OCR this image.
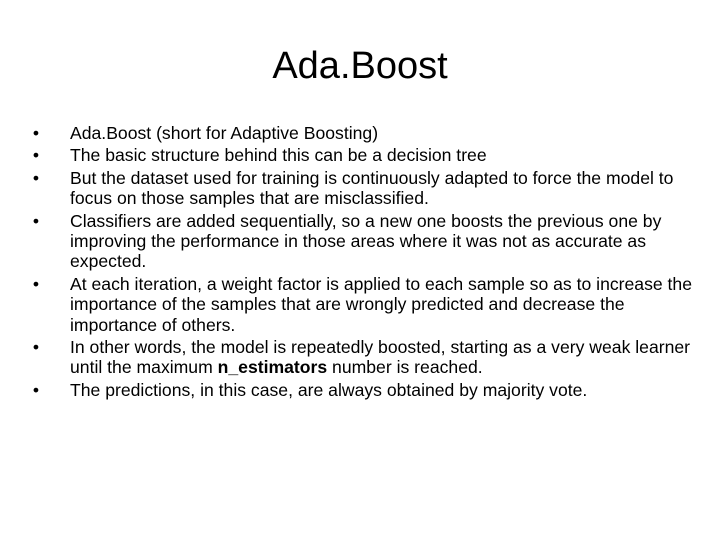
Ada.Boost
•	Ada.Boost (short for Adaptive Boosting)
•	The basic structure behind this can be a decision tree
•	But the dataset used for training is continuously adapted to force the model to focus on those samples that are misclassified.
•	Classifiers are added sequentially, so a new one boosts the previous one by improving the performance in those areas where it was not as accurate as expected.
•	At each iteration, a weight factor is applied to each sample so as to increase the importance of the samples that are wrongly predicted and decrease the importance of others.
•	In other words, the model is repeatedly boosted, starting as a very weak learner until the maximum n_estimators number is reached.
•	The predictions, in this case, are always obtained by majority vote.
